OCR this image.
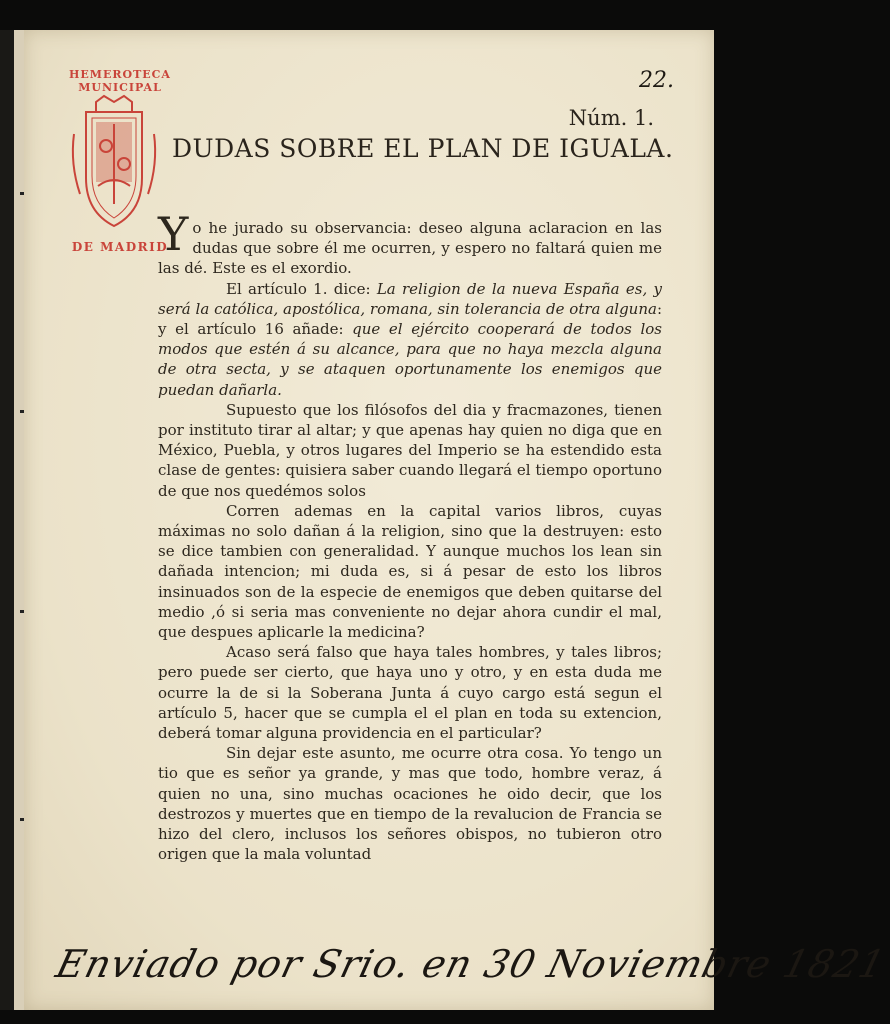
HEMEROTECA
MUNICIPAL
DE MADRID
22.
Núm. 1.
DUDAS SOBRE EL PLAN DE IGUALA.

Yo he jurado su observancia: deseo alguna aclaracion en las dudas que sobre él me ocurren, y espero no faltará quien me las dé. Este es el exordio.

El artículo 1. dice: La religion de la nueva España es, y será la católica, apostólica, romana, sin tolerancia de otra alguna: y el artículo 16 añade: que el ejército cooperará de todos los modos que estén á su alcance, para que no haya mezcla alguna de otra secta, y se ataquen oportunamente los enemigos que puedan dañarla.

Supuesto que los filósofos del dia y fracmazones, tienen por instituto tirar al altar; y que apenas hay quien no diga que en México, Puebla, y otros lugares del Imperio se ha estendido esta clase de gentes: quisiera saber cuando llegará el tiempo oportuno de que nos quedémos solos

Corren ademas en la capital varios libros, cuyas máximas no solo dañan á la religion, sino que la destruyen: esto se dice tambien con generalidad. Y aunque muchos los lean sin dañada intencion; mi duda es, si á pesar de esto los libros insinuados son de la especie de enemigos que deben quitarse del medio ,ó si seria mas conveniente no dejar ahora cundir el mal, que despues aplicarle la medicina?

Acaso será falso que haya tales hombres, y tales libros; pero puede ser cierto, que haya uno y otro, y en esta duda me ocurre la de si la Soberana Junta á cuyo cargo está segun el artículo 5, hacer que se cumpla el el plan en toda su extencion, deberá tomar alguna providencia en el particular?

Sin dejar este asunto, me ocurre otra cosa. Yo tengo un tio que es señor ya grande, y mas que todo, hombre veraz, á quien no una, sino muchas ocaciones he oido decir, que los destrozos y muertes que en tiempo de la revalucion de Francia se hizo del clero, inclusos los señores obispos, no tubieron otro origen que la mala voluntad

Enviado por Srio. en 30 Noviembre 1821
